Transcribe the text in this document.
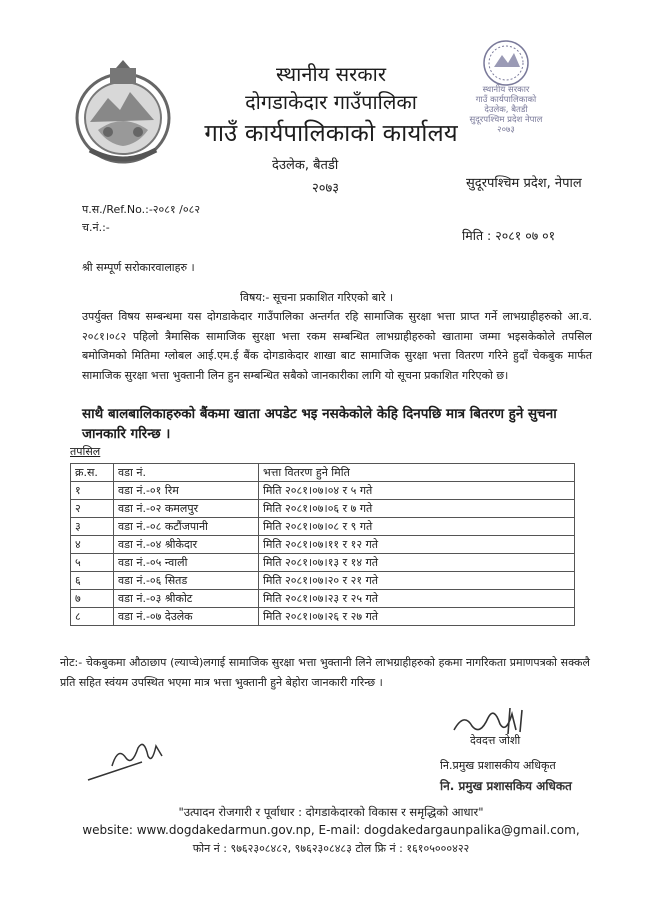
स्थानीय सरकार
गाउँ कार्यपालिकाको
देउलेक, बैतडी
सुदूरपश्चिम प्रदेश नेपाल
२०७३
स्थानीय सरकार
दोगडाकेदार गाउँपालिका
गाउँ कार्यपालिकाको कार्यालय
देउलेक, बैतडी
२०७३	सुदूरपश्चिम प्रदेश, नेपाल
प.स./Ref.No.:-२०८१ /०८२
च.नं.:-
मिति : २०८१ ०७ ०१
श्री सम्पूर्ण सरोकारवालाहरु ।
विषय:- सूचना प्रकाशित गरिएको बारे ।
उपर्युक्त विषय सम्बन्धमा यस दोगडाकेदार गाउँपालिका अन्तर्गत रहि सामाजिक सुरक्षा भत्ता प्राप्त गर्ने लाभग्राहीहरुको आ.व. २०८१।०८२ पहिलो त्रैमासिक सामाजिक सुरक्षा भत्ता रकम सम्बन्धित लाभग्राहीहरुको खातामा जम्मा भइसकेकोले तपसिल बमोजिमको मितिमा ग्लोबल आई.एम.ई बैंक दोगडाकेदार शाखा बाट सामाजिक सुरक्षा भत्ता वितरण गरिने हुदाँ चेकबुक मार्फत सामाजिक सुरक्षा भत्ता भुक्तानी लिन हुन सम्बन्धित सबैको जानकारीका लागि यो सूचना प्रकाशित गरिएको छ।
साथै बालबालिकाहरुको बैंकमा खाता अपडेट भइ नसकेकोले केहि दिनपछि मात्र बितरण हुने सुचना जानकारि गरिन्छ ।
तपसिल
क्र.स.	वडा नं.	भत्ता वितरण हुने मिति
१	वडा नं.-०१ रिम	मिति २०८१।०७।०४ र ५ गते
२	वडा नं.-०२ कमलपुर	मिति २०८१।०७।०६ र ७ गते
३	वडा नं.-०८ कटौंजपानी	मिति २०८१।०७।०८ र ९ गते
४	वडा नं.-०४ श्रीकेदार	मिति २०८१।०७।११ र १२ गते
५	वडा नं.-०५ न्वाली	मिति २०८१।०७।१३ र १४ गते
६	वडा नं.-०६ सितड	मिति २०८१।०७।२० र २१ गते
७	वडा नं.-०३ श्रीकोट	मिति २०८१।०७।२३ र २५ गते
८	वडा नं.-०७ देउलेक	मिति २०८१।०७।२६ र २७ गते
नोट:- चेकबुकमा औठाछाप (ल्याप्चे)लगाई सामाजिक सुरक्षा भत्ता भुक्तानी लिने लाभग्राहीहरुको हकमा नागरिकता प्रमाणपत्रको सक्कलै प्रति सहित स्वंयम उपस्थित भएमा मात्र भत्ता भुक्तानी हुने बेहोरा जानकारी गरिन्छ ।
देवदत्त जोशी
नि.प्रमुख प्रशासकीय अधिकृत
नि. प्रमुख प्रशासकिय अधिकत
"उत्पादन रोजगारी र पूर्वाधार : दोगडाकेदारको विकास र समृद्धिको आधार"
website: www.dogdakedarmun.gov.np, E-mail: dogdakedargaunpalika@gmail.com,
फोन नं : ९७६२३०८४८२, ९७६२३०८४८३ टोल फ्रि नं : १६१०५०००४२२
